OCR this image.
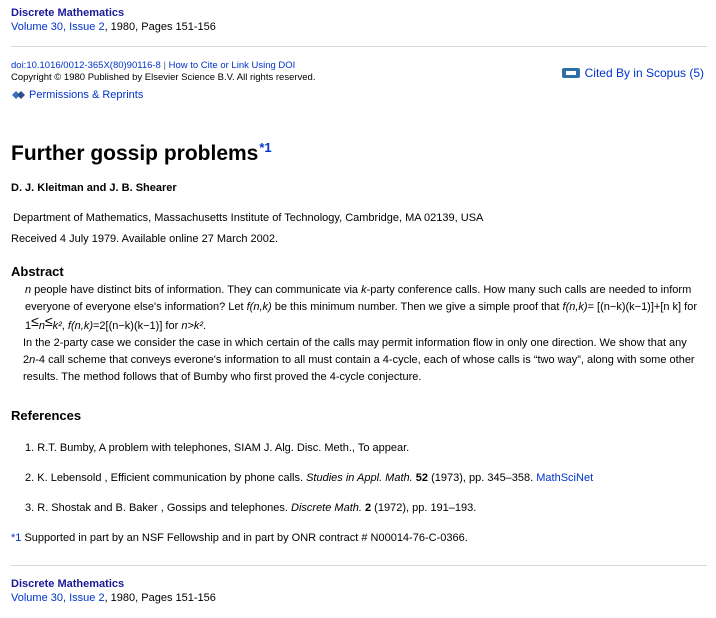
Discrete Mathematics
Volume 30, Issue 2, 1980, Pages 151-156
doi:10.1016/0012-365X(80)90116-8 | How to Cite or Link Using DOI
Copyright © 1980 Published by Elsevier Science B.V. All rights reserved.
Permissions & Reprints
Cited By in Scopus (5)
Further gossip problems$^{*1}$
D. J. Kleitman and J. B. Shearer
Department of Mathematics, Massachusetts Institute of Technology, Cambridge, MA 02139, USA
Received 4 July 1979. Available online 27 March 2002.
Abstract

n people have distinct bits of information. They can communicate via k-party conference calls. How many such calls are needed to inform everyone of everyone else's information? Let f(n,k) be this minimum number. Then we give a simple proof that f(n,k)= [(n−k)(k−1)]+[n k] for 1≤n≤k², f(n,k)=2[(n−k)(k−1)] for n>k².

In the 2-party case we consider the case in which certain of the calls may permit information flow in only one direction. We show that any 2n-4 call scheme that conveys everone's information to all must contain a 4-cycle, each of whose calls is “two way”, along with some other results. The method follows that of Bumby who first proved the 4-cycle conjecture.

References
1. R.T. Bumby, A problem with telephones, SIAM J. Alg. Disc. Meth., To appear.
2. K. Lebensold , Efficient communication by phone calls. Studies in Appl. Math. 52 (1973), pp. 345–358. MathSciNet
3. R. Shostak and B. Baker , Gossips and telephones. Discrete Math. 2 (1972), pp. 191–193.
*1 Supported in part by an NSF Fellowship and in part by ONR contract # N00014-76-C-0366.
Discrete Mathematics
Volume 30, Issue 2, 1980, Pages 151-156
